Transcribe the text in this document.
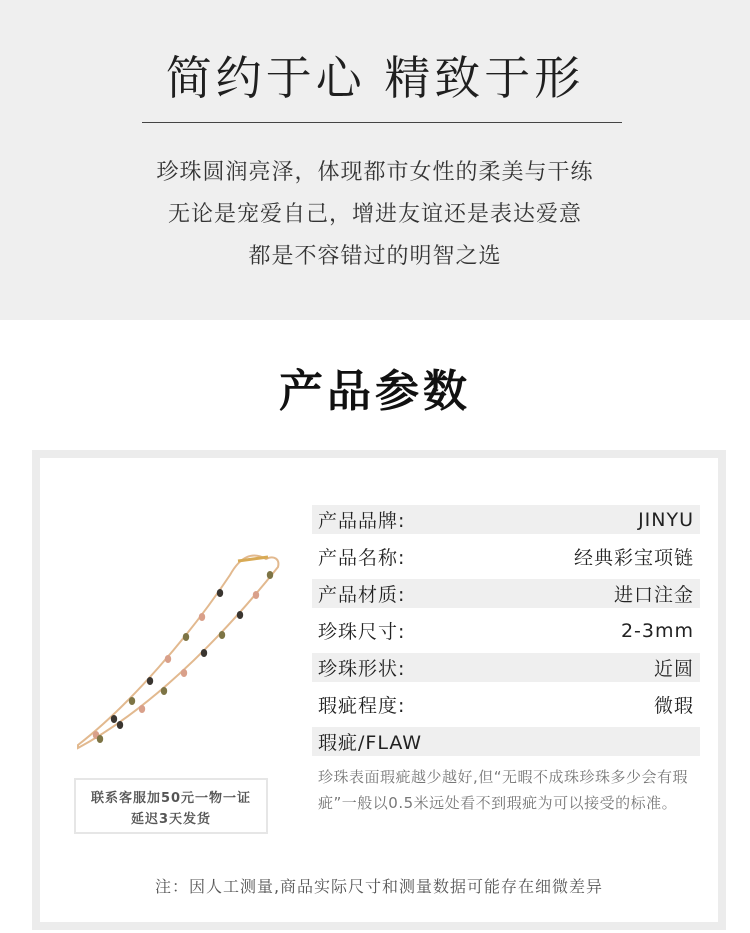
简约于心 精致于形
珍珠圆润亮泽，体现都市女性的柔美与干练
无论是宠爱自己，增进友谊还是表达爱意
都是不容错过的明智之选
产品参数
联系客服加50元一物一证
延迟3天发货
产品品牌:	JINYU
产品名称:	经典彩宝项链
产品材质:	进口注金
珍珠尺寸:	2-3mm
珍珠形状:	近圆
瑕疵程度:	微瑕
瑕疵/FLAW
珍珠表面瑕疵越少越好,但“无暇不成珠珍珠多少会有瑕疵”一般以0.5米远处看不到瑕疵为可以接受的标准。
注：因人工测量,商品实际尺寸和测量数据可能存在细微差异
